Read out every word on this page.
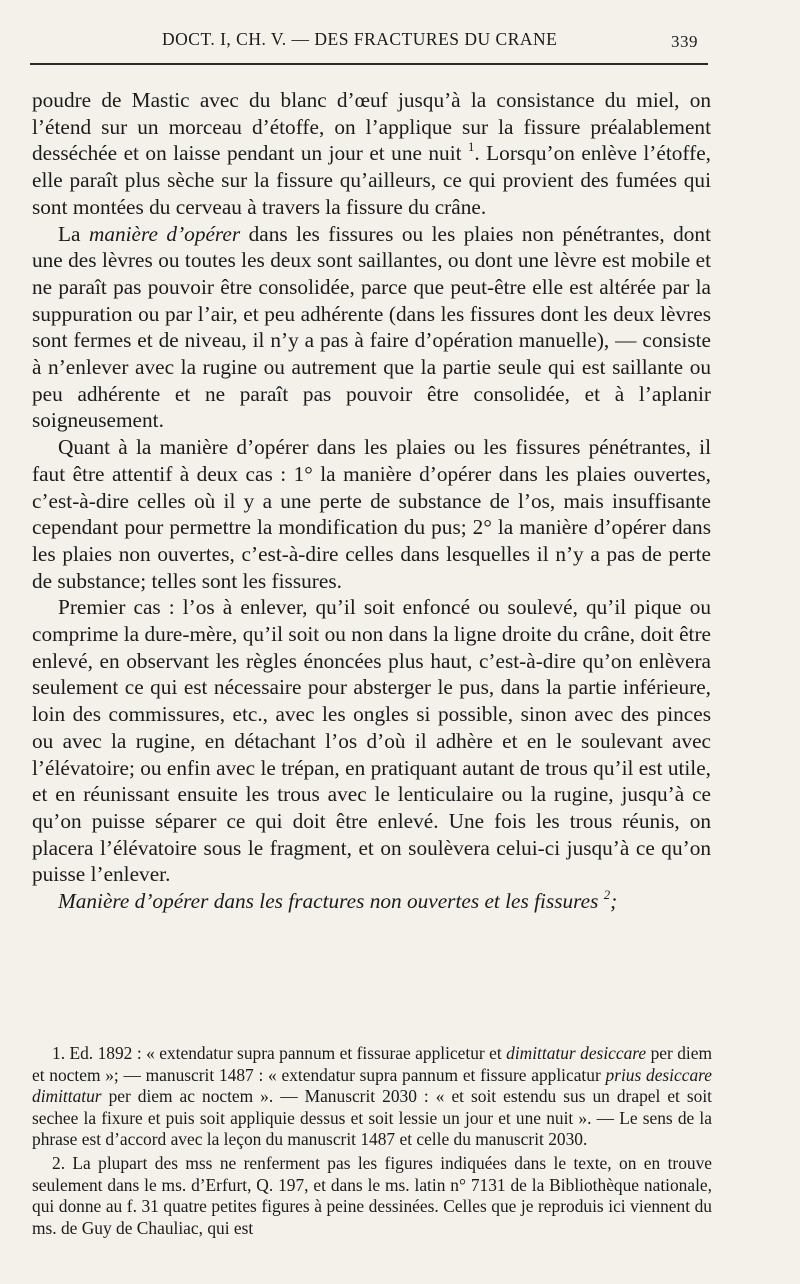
DOCT. I, CH. V. — DES FRACTURES DU CRANE	339

poudre de Mastic avec du blanc d’œuf jusqu’à la consistance du miel, on l’étend sur un morceau d’étoffe, on l’applique sur la fissure préalablement desséchée et on laisse pendant un jour et une nuit $^1$. Lorsqu’on enlève l’étoffe, elle paraît plus sèche sur la fissure qu’ailleurs, ce qui provient des fumées qui sont montées du cerveau à travers la fissure du crâne.

La manière d’opérer dans les fissures ou les plaies non pénétrantes, dont une des lèvres ou toutes les deux sont saillantes, ou dont une lèvre est mobile et ne paraît pas pouvoir être consolidée, parce que peut-être elle est altérée par la suppuration ou par l’air, et peu adhérente (dans les fissures dont les deux lèvres sont fermes et de niveau, il n’y a pas à faire d’opération manuelle), — consiste à n’enlever avec la rugine ou autrement que la partie seule qui est saillante ou peu adhérente et ne paraît pas pouvoir être consolidée, et à l’aplanir soigneusement.

Quant à la manière d’opérer dans les plaies ou les fissures pénétrantes, il faut être attentif à deux cas : 1° la manière d’opérer dans les plaies ouvertes, c’est-à-dire celles où il y a une perte de substance de l’os, mais insuffisante cependant pour permettre la mondification du pus; 2° la manière d’opérer dans les plaies non ouvertes, c’est-à-dire celles dans lesquelles il n’y a pas de perte de substance; telles sont les fissures.

Premier cas : l’os à enlever, qu’il soit enfoncé ou soulevé, qu’il pique ou comprime la dure-mère, qu’il soit ou non dans la ligne droite du crâne, doit être enlevé, en observant les règles énoncées plus haut, c’est-à-dire qu’on enlèvera seulement ce qui est nécessaire pour absterger le pus, dans la partie inférieure, loin des commissures, etc., avec les ongles si possible, sinon avec des pinces ou avec la rugine, en détachant l’os d’où il adhère et en le soulevant avec l’élévatoire; ou enfin avec le trépan, en pratiquant autant de trous qu’il est utile, et en réunissant ensuite les trous avec le lenticulaire ou la rugine, jusqu’à ce qu’on puisse séparer ce qui doit être enlevé. Une fois les trous réunis, on placera l’élévatoire sous le fragment, et on soulèvera celui-ci jusqu’à ce qu’on puisse l’enlever.

Manière d’opérer dans les fractures non ouvertes et les fissures $^2$;

1. Ed. 1892 : « extendatur supra pannum et fissurae applicetur et dimittatur desiccare per diem et noctem »; — manuscrit 1487 : « extendatur supra pannum et fissure applicatur prius desiccare dimittatur per diem ac noctem ». — Manuscrit 2030 : « et soit estendu sus un drapel et soit sechee la fixure et puis soit appliquie dessus et soit lessie un jour et une nuit ». — Le sens de la phrase est d’accord avec la leçon du manuscrit 1487 et celle du manuscrit 2030.

2. La plupart des mss ne renferment pas les figures indiquées dans le texte, on en trouve seulement dans le ms. d’Erfurt, Q. 197, et dans le ms. latin n° 7131 de la Bibliothèque nationale, qui donne au f. 31 quatre petites figures à peine dessinées. Celles que je reproduis ici viennent du ms. de Guy de Chauliac, qui est
